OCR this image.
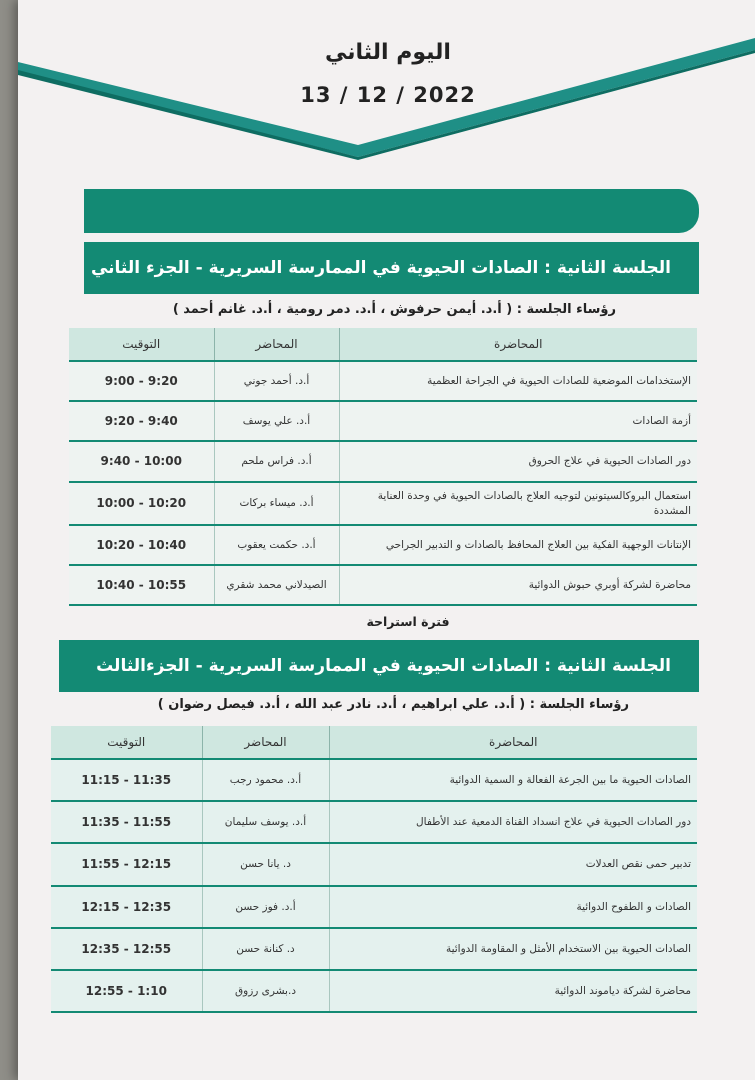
اليوم الثاني
13 / 12 / 2022
الجلسة الثانية : الصادات الحيوية في الممارسة السريرية - الجزء الثاني
رؤساء الجلسة : ( أ.د. أيمن حرفوش ، أ.د. دمر رومية ، أ.د. غانم أحمد )
المحاضرة	المحاضر	التوقيت
الإستخدامات الموضعية للصادات الحيوية في الجراحة العظمية	أ.د. أحمد جوني	9:00 - 9:20
أزمة الصادات	أ.د. علي يوسف	9:20 - 9:40
دور الصادات الحيوية في علاج الحروق	أ.د. فراس ملحم	9:40 - 10:00
استعمال البروكالسيتونين لتوجيه العلاج بالصادات الحيوية في وحدة العناية المشددة	أ.د. ميساء بركات	10:00 - 10:20
الإنتانات الوجهية الفكية بين العلاج المحافظ بالصادات و التدبير الجراحي	أ.د. حكمت يعقوب	10:20 - 10:40
محاضرة لشركة أوبري حبوش الدوائية	الصيدلاني محمد شقري	10:40 - 10:55
فترة استراحة
الجلسة الثانية : الصادات الحيوية في الممارسة السريرية - الجزءالثالث
رؤساء الجلسة : ( أ.د. علي ابراهيم ، أ.د. نادر عبد الله ، أ.د. فيصل رضوان )
المحاضرة	المحاضر	التوقيت
الصادات الحيوية ما بين الجرعة الفعالة و السمية الدوائية	أ.د. محمود رجب	11:15 - 11:35
دور الصادات الحيوية في علاج انسداد القناة الدمعية عند الأطفال	أ.د. يوسف سليمان	11:35 - 11:55
تدبير حمى نقص العدلات	د. يانا حسن	11:55 - 12:15
الصادات و الطفوح الدوائية	أ.د. فوز حسن	12:15 - 12:35
الصادات الحيوية بين الاستخدام الأمثل و المقاومة الدوائية	د. كنانة حسن	12:35 - 12:55
محاضرة لشركة دياموند الدوائية	د.بشرى رزوق	12:55 - 1:10
